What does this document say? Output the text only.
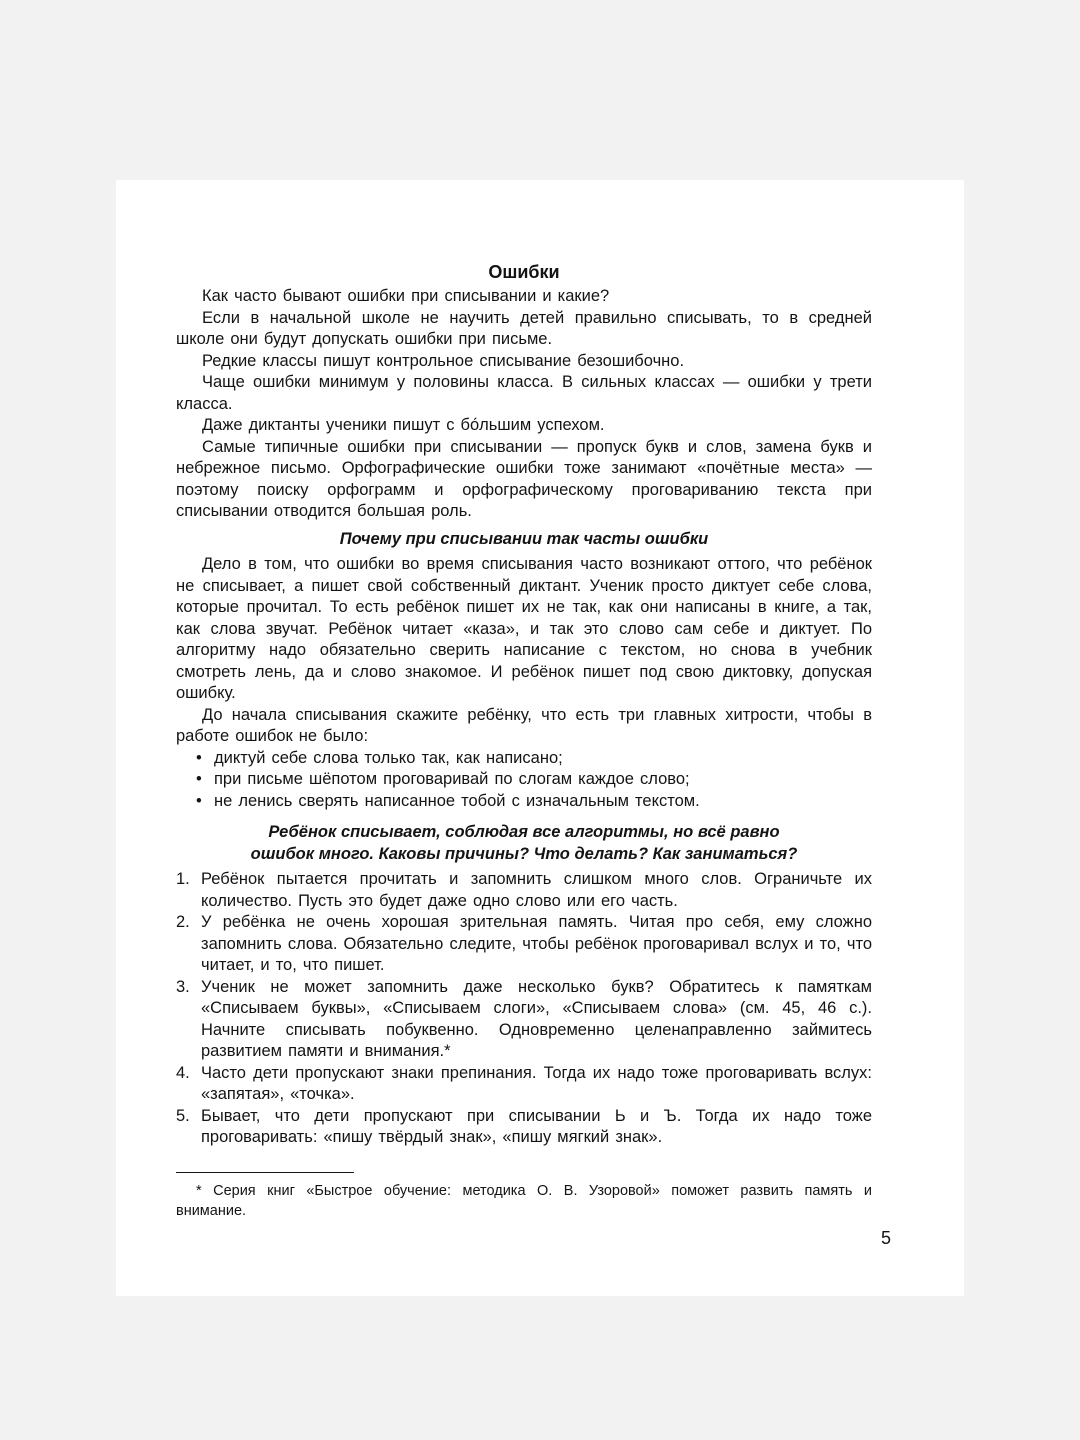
Ошибки

Как часто бывают ошибки при списывании и какие?

Если в начальной школе не научить детей правильно списывать, то в средней школе они будут допускать ошибки при письме.

Редкие классы пишут контрольное списывание безошибочно.

Чаще ошибки минимум у половины класса. В сильных классах — ошибки у трети класса.

Даже диктанты ученики пишут с бо́льшим успехом.

Самые типичные ошибки при списывании — пропуск букв и слов, замена букв и небрежное письмо. Орфографические ошибки тоже занимают «почётные места» — поэтому поиску орфограмм и орфографическому проговариванию текста при списывании отводится большая роль.

Почему при списывании так часты ошибки

Дело в том, что ошибки во время списывания часто возникают оттого, что ребёнок не списывает, а пишет свой собственный диктант. Ученик просто диктует себе слова, которые прочитал. То есть ребёнок пишет их не так, как они написаны в книге, а так, как слова звучат. Ребёнок читает «каза», и так это слово сам себе и диктует. По алгоритму надо обязательно сверить написание с текстом, но снова в учебник смотреть лень, да и слово знакомое. И ребёнок пишет под свою диктовку, допуская ошибку.

До начала списывания скажите ребёнку, что есть три главных хитрости, чтобы в работе ошибок не было:

• диктуй себе слова только так, как написано;
• при письме шёпотом проговаривай по слогам каждое слово;
• не ленись сверять написанное тобой с изначальным текстом.
Ребёнок списывает, соблюдая все алгоритмы, но всё равно
ошибок много. Каковы причины? Что делать? Как заниматься?
1. Ребёнок пытается прочитать и запомнить слишком много слов. Ограничьте их количество. Пусть это будет даже одно слово или его часть.
2. У ребёнка не очень хорошая зрительная память. Читая про себя, ему сложно запомнить слова. Обязательно следите, чтобы ребёнок проговаривал вслух и то, что читает, и то, что пишет.
3. Ученик не может запомнить даже несколько букв? Обратитесь к памяткам «Списываем буквы», «Списываем слоги», «Списываем слова» (см. 45, 46 с.). Начните списывать побуквенно. Одновременно целенаправленно займитесь развитием памяти и внимания.*
4. Часто дети пропускают знаки препинания. Тогда их надо тоже проговаривать вслух: «запятая», «точка».
5. Бывает, что дети пропускают при списывании Ь и Ъ. Тогда их надо тоже проговаривать: «пишу твёрдый знак», «пишу мягкий знак».

* Серия книг «Быстрое обучение: методика О. В. Узоровой» поможет развить память и внимание.

5
